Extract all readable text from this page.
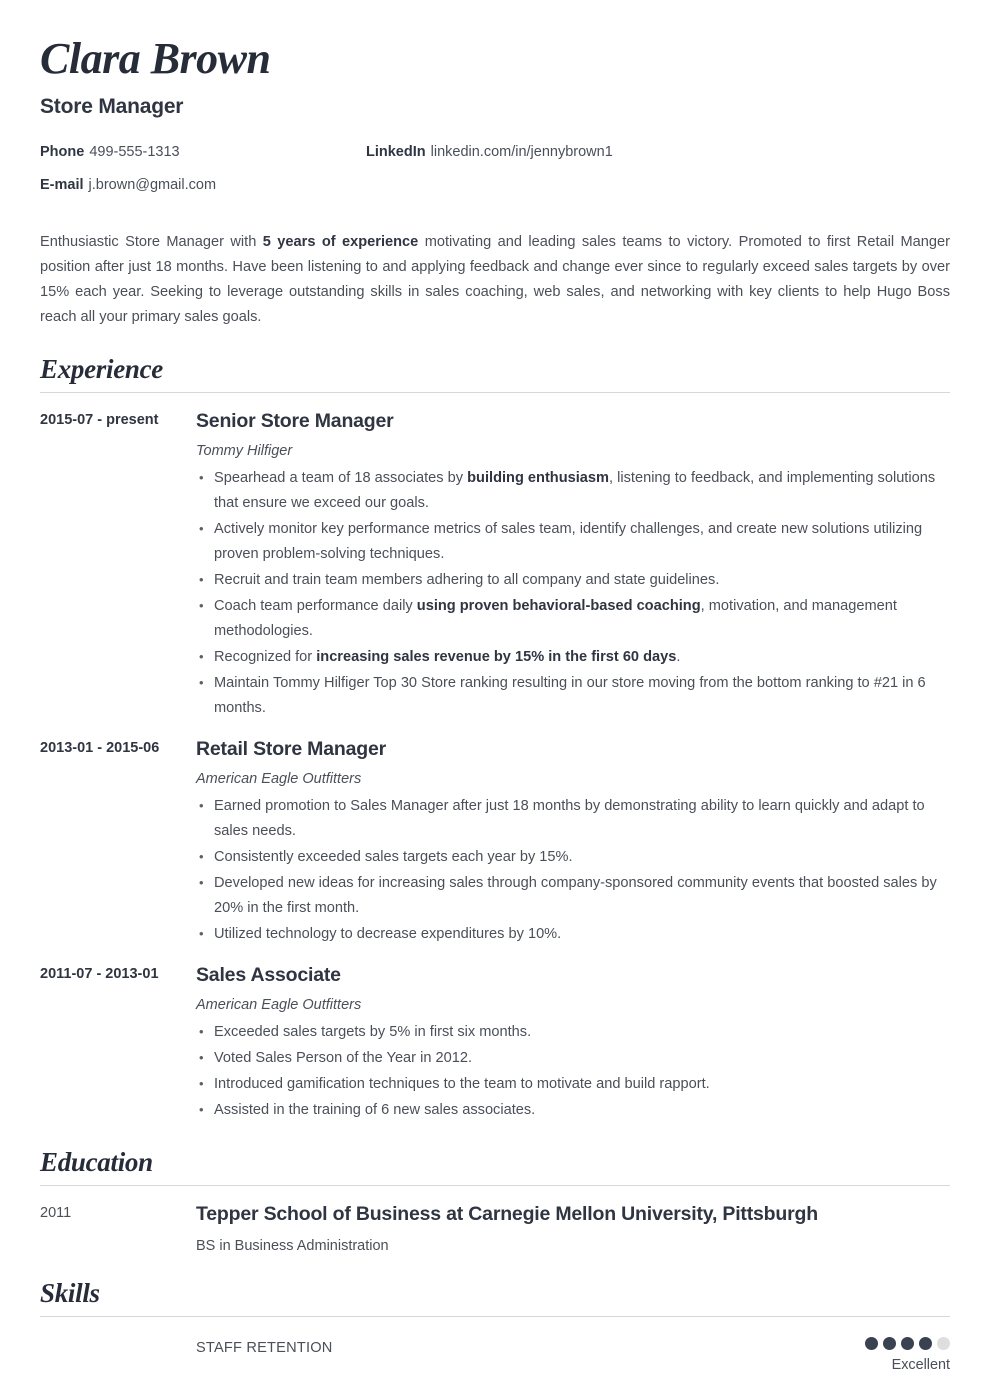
Clara Brown
Store Manager
Phone 499-555-1313	LinkedIn linkedin.com/in/jennybrown1
E-mail j.brown@gmail.com

Enthusiastic Store Manager with 5 years of experience motivating and leading sales teams to victory. Promoted to first Retail Manger position after just 18 months. Have been listening to and applying feedback and change ever since to regularly exceed sales targets by over 15% each year. Seeking to leverage outstanding skills in sales coaching, web sales, and networking with key clients to help Hugo Boss reach all your primary sales goals.

Experience
2015-07 - present	Senior Store Manager
Tommy Hilfiger
• Spearhead a team of 18 associates by building enthusiasm, listening to feedback, and implementing solutions that ensure we exceed our goals.
• Actively monitor key performance metrics of sales team, identify challenges, and create new solutions utilizing proven problem-solving techniques.
• Recruit and train team members adhering to all company and state guidelines.
• Coach team performance daily using proven behavioral-based coaching, motivation, and management methodologies.
• Recognized for increasing sales revenue by 15% in the first 60 days.
• Maintain Tommy Hilfiger Top 30 Store ranking resulting in our store moving from the bottom ranking to #21 in 6 months.
2013-01 - 2015-06	Retail Store Manager
American Eagle Outfitters
• Earned promotion to Sales Manager after just 18 months by demonstrating ability to learn quickly and adapt to sales needs.
• Consistently exceeded sales targets each year by 15%.
• Developed new ideas for increasing sales through company-sponsored community events that boosted sales by 20% in the first month.
• Utilized technology to decrease expenditures by 10%.
2011-07 - 2013-01	Sales Associate
American Eagle Outfitters
• Exceeded sales targets by 5% in first six months.
• Voted Sales Person of the Year in 2012.
• Introduced gamification techniques to the team to motivate and build rapport.
• Assisted in the training of 6 new sales associates.
Education
2011	Tepper School of Business at Carnegie Mellon University, Pittsburgh
BS in Business Administration
Skills
STAFF RETENTION
Excellent
